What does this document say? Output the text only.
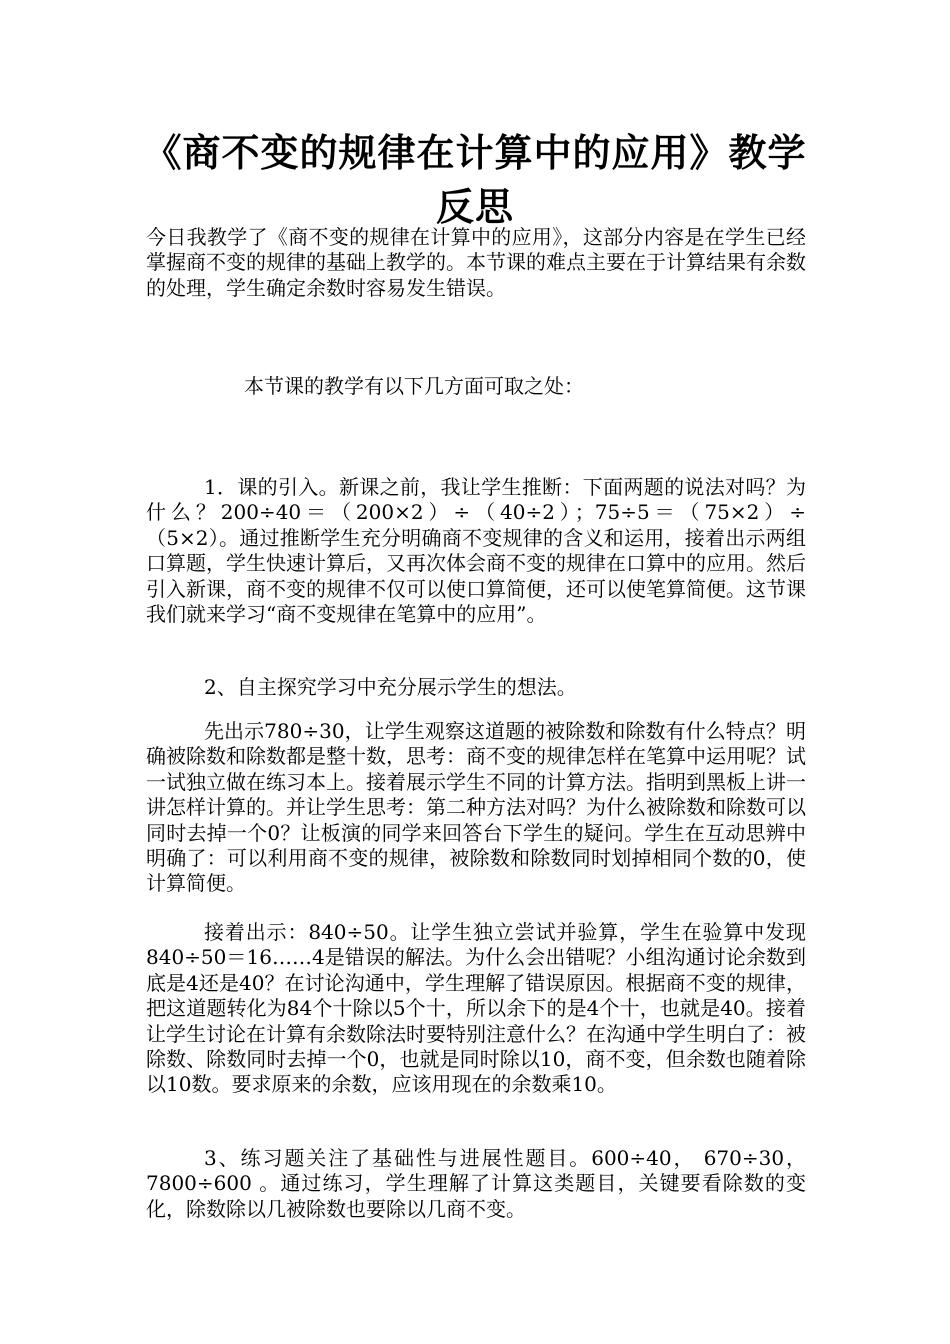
《商不变的规律在计算中的应用》教学反思

今日我教学了《商不变的规律在计算中的应用》，这部分内容是在学生已经掌握商不变的规律的基础上教学的。本节课的难点主要在于计算结果有余数的处理，学生确定余数时容易发生错误。

本节课的教学有以下几方面可取之处：

1．课的引入。新课之前，我让学生推断：下面两题的说法对吗？为什么？200÷40＝（200×2）÷（40÷2）；75÷5＝（75×2）÷（5×2）。通过推断学生充分明确商不变规律的含义和运用，接着出示两组口算题，学生快速计算后，又再次体会商不变的规律在口算中的应用。然后引入新课，商不变的规律不仅可以使口算简便，还可以使笔算简便。这节课我们就来学习“商不变规律在笔算中的应用”。

2、自主探究学习中充分展示学生的想法。

先出示780÷30，让学生观察这道题的被除数和除数有什么特点？明确被除数和除数都是整十数，思考：商不变的规律怎样在笔算中运用呢？试一试独立做在练习本上。接着展示学生不同的计算方法。指明到黑板上讲一讲怎样计算的。并让学生思考：第二种方法对吗？为什么被除数和除数可以同时去掉一个0？让板演的同学来回答台下学生的疑问。学生在互动思辨中明确了：可以利用商不变的规律，被除数和除数同时划掉相同个数的0，使计算简便。

接着出示：840÷50。让学生独立尝试并验算，学生在验算中发现840÷50＝16……4是错误的解法。为什么会出错呢？小组沟通讨论余数到底是4还是40？在讨论沟通中，学生理解了错误原因。根据商不变的规律，把这道题转化为84个十除以5个十，所以余下的是4个十，也就是40。接着让学生讨论在计算有余数除法时要特别注意什么？在沟通中学生明白了：被除数、除数同时去掉一个0，也就是同时除以10，商不变，但余数也随着除以10数。要求原来的余数，应该用现在的余数乘10。

3、练习题关注了基础性与进展性题目。600÷40， 670÷30，7800÷600 。通过练习，学生理解了计算这类题目，关键要看除数的变化，除数除以几被除数也要除以几商不变。
